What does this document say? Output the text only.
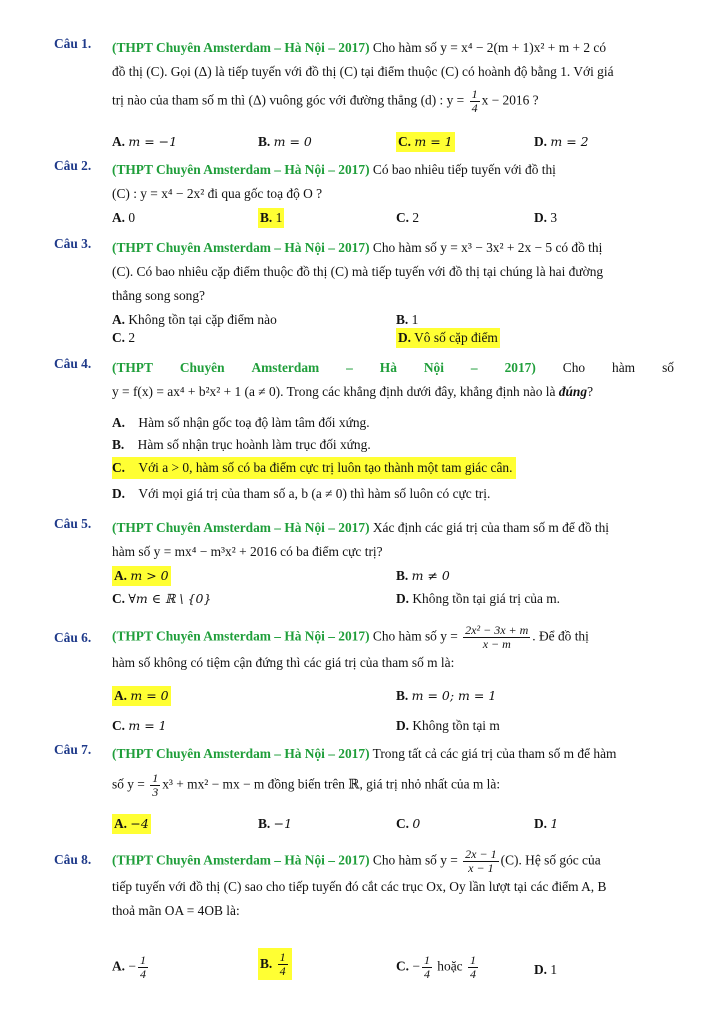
Câu 1. (THPT Chuyên Amsterdam – Hà Nội – 2017) Cho hàm số y = x⁴ − 2(m + 1)x² + m + 2 có
đồ thị (C). Gọi (Δ) là tiếp tuyến với đồ thị (C) tại điểm thuộc (C) có hoành độ bằng 1. Với giá
trị nào của tham số m thì (Δ) vuông góc với đường thẳng (d) : $y = \frac{1}{4}$ x − 2016 ?
A. m = −1	B. m = 0	C. m = 1	D. m = 2
Câu 2. (THPT Chuyên Amsterdam – Hà Nội – 2017) Có bao nhiêu tiếp tuyến với đồ thị
(C) : y = x⁴ − 2x² đi qua gốc toạ độ O ?
A. 0	B. 1	C. 2	D. 3
Câu 3. (THPT Chuyên Amsterdam – Hà Nội – 2017) Cho hàm số y = x³ − 3x² + 2x − 5 có đồ thị
(C). Có bao nhiêu cặp điểm thuộc đồ thị (C) mà tiếp tuyến với đồ thị tại chúng là hai đường
thẳng song song?
A. Không tồn tại cặp điểm nào	B. 1
C. 2	D. Vô số cặp điểm
Câu 4. (THPT Chuyên Amsterdam – Hà Nội – 2017) Cho hàm số
y = f(x) = ax⁴ + b²x² + 1 (a ≠ 0). Trong các khẳng định dưới đây, khẳng định nào là đúng?
A. Hàm số nhận gốc toạ độ làm tâm đối xứng.
B. Hàm số nhận trục hoành làm trục đối xứng.
C. Với a > 0, hàm số có ba điểm cực trị luôn tạo thành một tam giác cân.
D. Với mọi giá trị của tham số a, b (a ≠ 0) thì hàm số luôn có cực trị.
Câu 5. (THPT Chuyên Amsterdam – Hà Nội – 2017) Xác định các giá trị của tham số m để đồ thị
hàm số y = mx⁴ − m³x² + 2016 có ba điểm cực trị?
A. m > 0	B. m ≠ 0
C. ∀m ∈ ℝ \ {0}	D. Không tồn tại giá trị của m.
Câu 6. (THPT Chuyên Amsterdam – Hà Nội – 2017) Cho hàm số $y = \frac{\text{2x² − 3x + m}}{x - m}$ . Để đồ thị
hàm số không có tiệm cận đứng thì các giá trị của tham số m là:
A. m = 0	B. m = 0; m = 1
C. m = 1	D. Không tồn tại m
Câu 7. (THPT Chuyên Amsterdam – Hà Nội – 2017) Trong tất cả các giá trị của tham số m để hàm
số $y = \frac{1}{3} x^3 + mx^2$ − mx − m đồng biến trên ℝ, giá trị nhỏ nhất của m là:
A. −4	B. −1	C. 0	D. 1
Câu 8. (THPT Chuyên Amsterdam – Hà Nội – 2017) Cho hàm số $y = \frac{2x - 1}{x - 1} (C)$. Hệ số góc của
tiếp tuyến với đồ thị (C) sao cho tiếp tuyến đó cắt các trục Ox, Oy lần lượt tại các điểm A, B
thoả mãn OA = 4OB là:
A. − $\frac{1}{4}$	B. $\frac{1}{4}$	C. − $\frac{1}{4}$ hoặc $\frac{1}{4}$	D. 1
